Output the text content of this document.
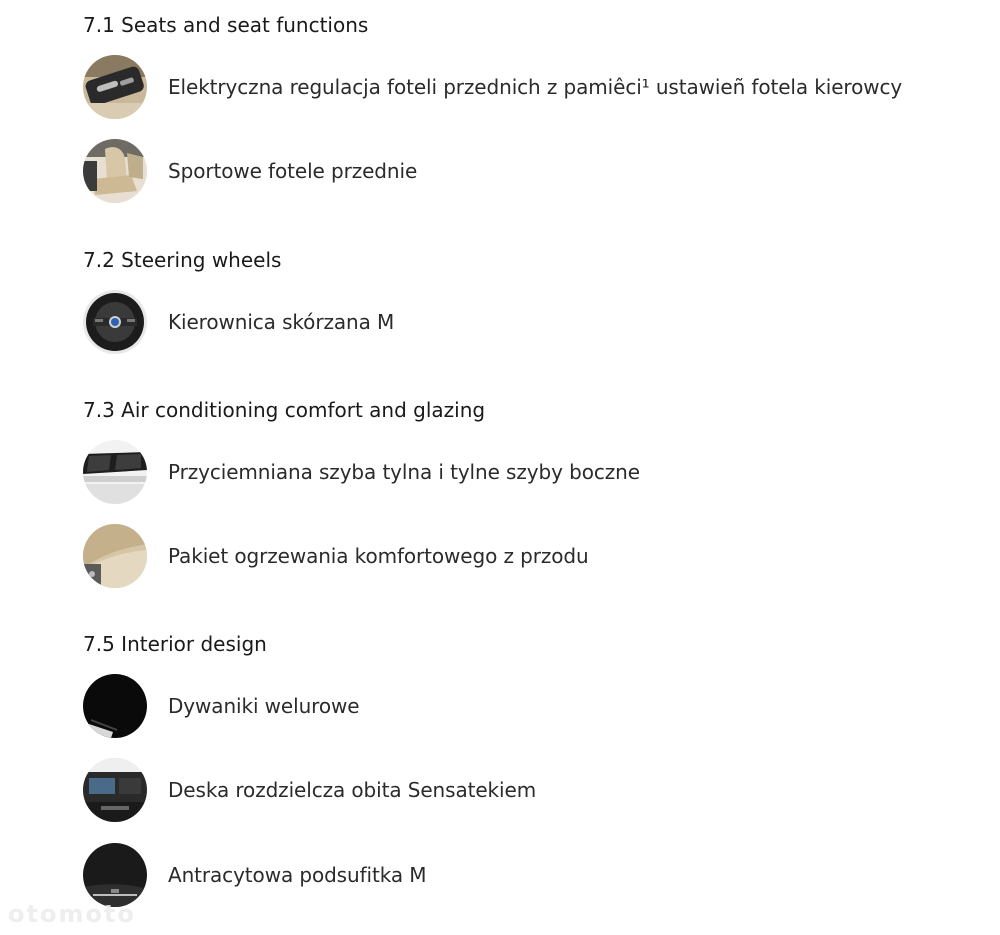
7.1 Seats and seat functions
Elektryczna regulacja foteli przednich z pamiêci¹ ustawieñ fotela kierowcy
Sportowe fotele przednie
7.2 Steering wheels
Kierownica skórzana M
7.3 Air conditioning comfort and glazing
Przyciemniana szyba tylna i tylne szyby boczne
Pakiet ogrzewania komfortowego z przodu
7.5 Interior design
Dywaniki welurowe
Deska rozdzielcza obita Sensatekiem
Antracytowa podsufitka M
otomoto
